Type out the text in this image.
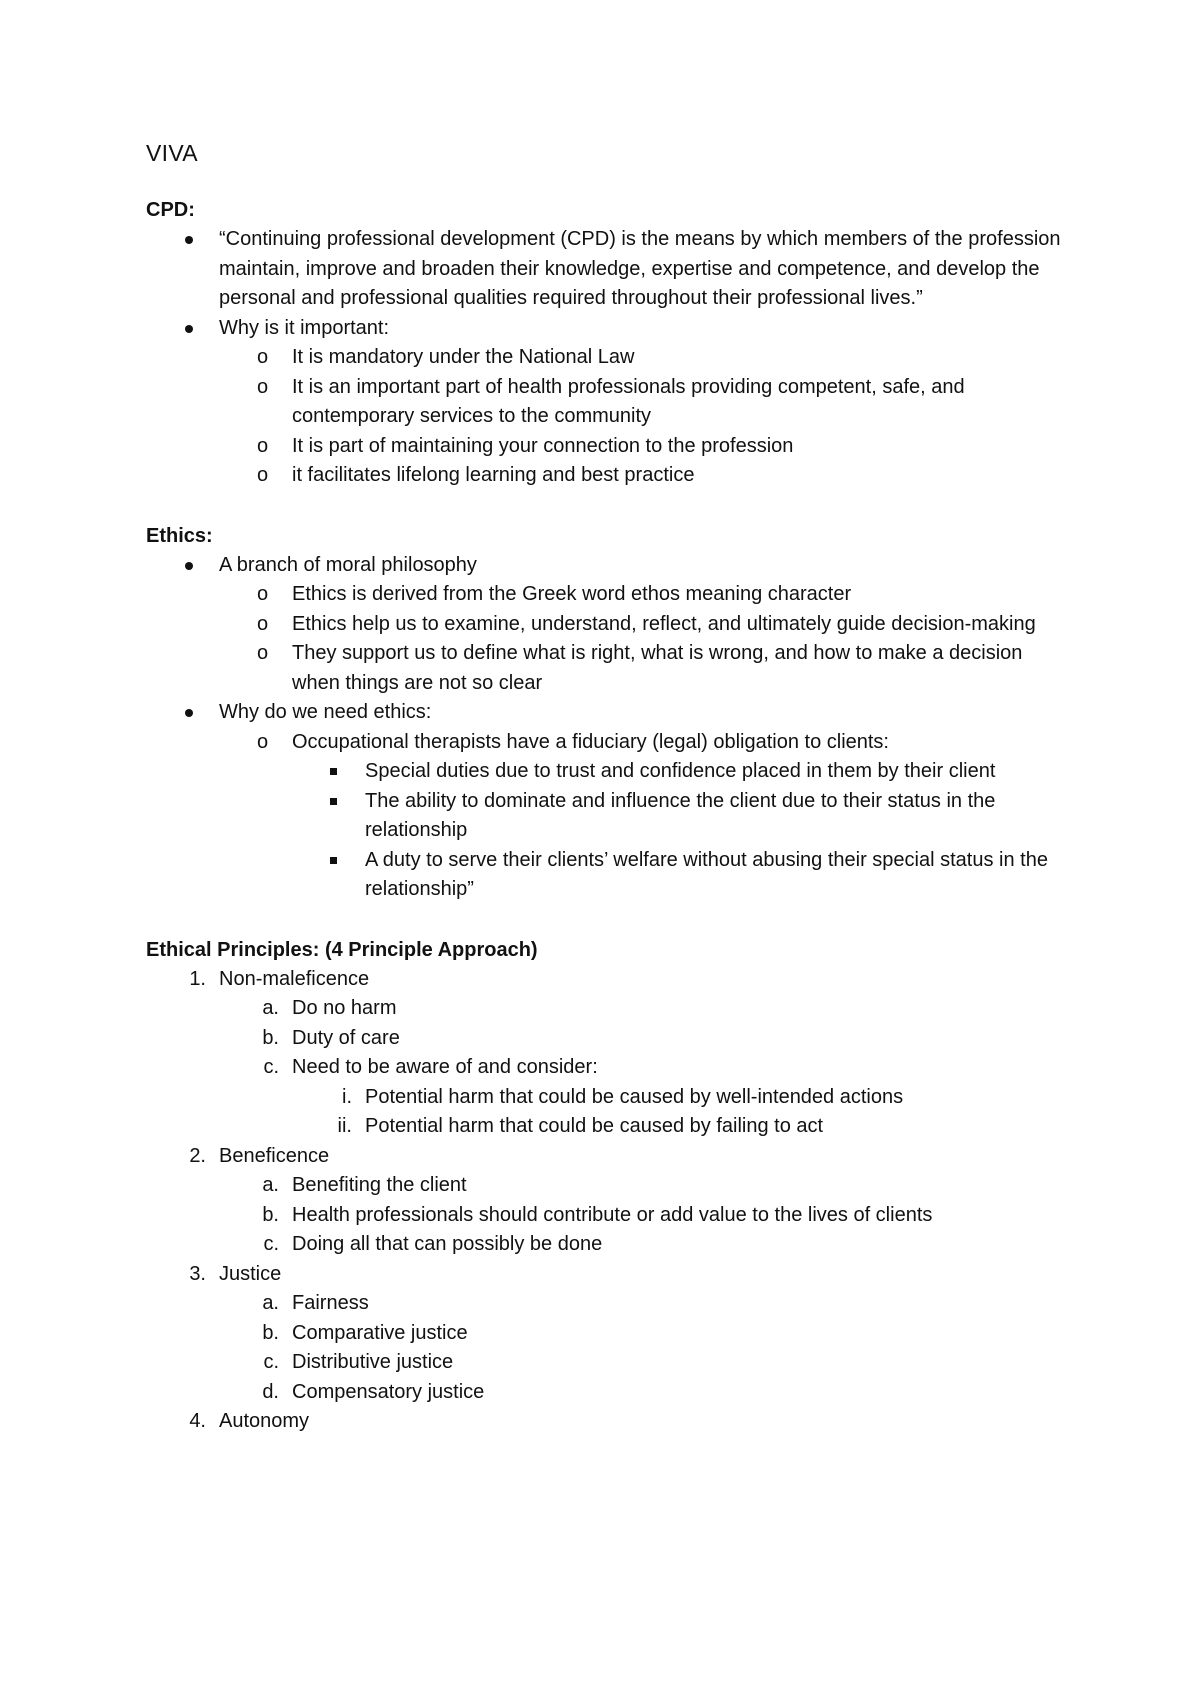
VIVA
CPD:
“Continuing professional development (CPD) is the means by which members of the profession maintain, improve and broaden their knowledge, expertise and competence, and develop the personal and professional qualities required throughout their professional lives.”
Why is it important:
o It is mandatory under the National Law
o It is an important part of health professionals providing competent, safe, and contemporary services to the community
o It is part of maintaining your connection to the profession
o it facilitates lifelong learning and best practice
Ethics:
A branch of moral philosophy
o Ethics is derived from the Greek word ethos meaning character
o Ethics help us to examine, understand, reflect, and ultimately guide decision-making
o They support us to define what is right, what is wrong, and how to make a decision when things are not so clear
Why do we need ethics:
o Occupational therapists have a fiduciary (legal) obligation to clients:
Special duties due to trust and confidence placed in them by their client
The ability to dominate and influence the client due to their status in the relationship
A duty to serve their clients’ welfare without abusing their special status in the relationship”
Ethical Principles: (4 Principle Approach)
1. Non-maleficence
a. Do no harm
b. Duty of care
c. Need to be aware of and consider:
i. Potential harm that could be caused by well-intended actions
ii. Potential harm that could be caused by failing to act
2. Beneficence
a. Benefiting the client
b. Health professionals should contribute or add value to the lives of clients
c. Doing all that can possibly be done
3. Justice
a. Fairness
b. Comparative justice
c. Distributive justice
d. Compensatory justice
4. Autonomy
